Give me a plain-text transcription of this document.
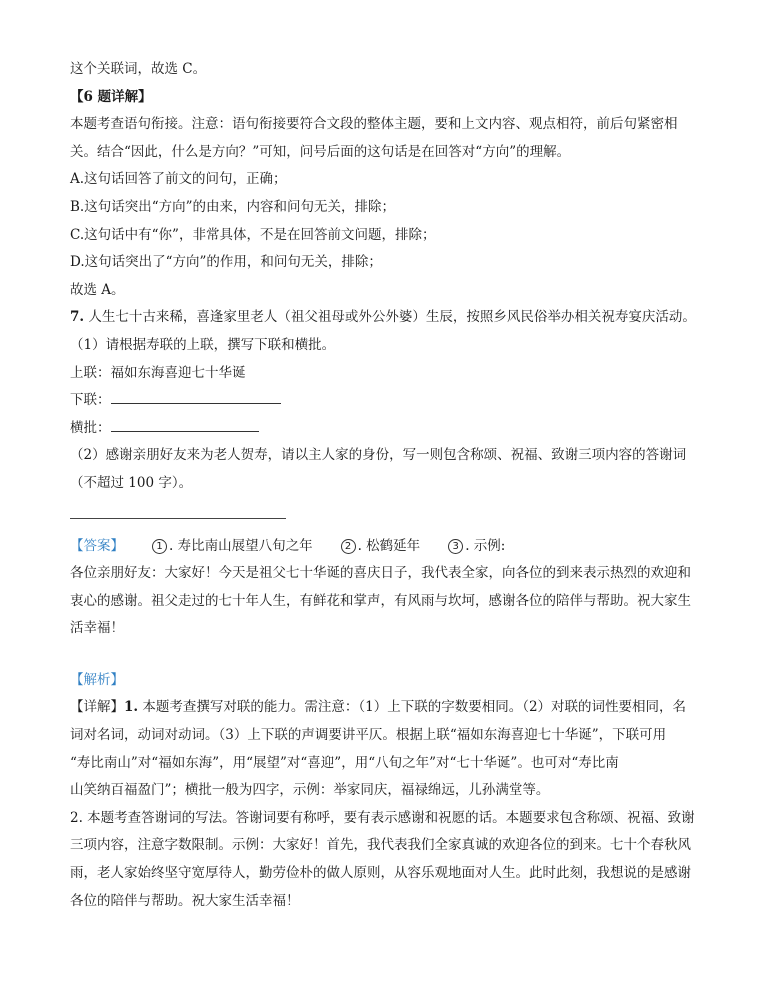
这个关联词，故选 C。

【6 题详解】

本题考查语句衔接。注意：语句衔接要符合文段的整体主题，要和上文内容、观点相符，前后句紧密相

关。结合“因此，什么是方向？”可知，问号后面的这句话是在回答对“方向”的理解。

A.这句话回答了前文的问句，正确；

B.这句话突出“方向”的由来，内容和问句无关，排除；

C.这句话中有“你”，非常具体，不是在回答前文问题，排除；

D.这句话突出了“方向”的作用，和问句无关，排除；

故选 A。

7. 人生七十古来稀，喜逢家里老人（祖父祖母或外公外婆）生辰，按照乡风民俗举办相关祝寿宴庆活动。

（1）请根据寿联的上联，撰写下联和横批。

上联：福如东海喜迎七十华诞

下联：

横批：

（2）感谢亲朋好友来为老人贺寿，请以主人家的身份，写一则包含称颂、祝福、致谢三项内容的答谢词

（不超过 100 字）。

【答案】	1 . 寿比南山展望八旬之年	2 . 松鹤延年	3 . 示例:

各位亲朋好友：大家好！今天是祖父七十华诞的喜庆日子，我代表全家，向各位的到来表示热烈的欢迎和

衷心的感谢。祖父走过的七十年人生，有鲜花和掌声，有风雨与坎坷，感谢各位的陪伴与帮助。祝大家生

活幸福！

【解析】

【详解】1. 本题考查撰写对联的能力。需注意：（1）上下联的字数要相同。（2）对联的词性要相同，名

词对名词，动词对动词。（3）上下联的声调要讲平仄。根据上联“福如东海喜迎七十华诞”，下联可用

“寿比南山”对“福如东海”，用“展望”对“喜迎”，用“八旬之年”对“七十华诞”。也可对“寿比南

山笑纳百福盈门”；横批一般为四字，示例：举家同庆，福禄绵远，儿孙满堂等。

2. 本题考查答谢词的写法。答谢词要有称呼，要有表示感谢和祝愿的话。本题要求包含称颂、祝福、致谢

三项内容，注意字数限制。示例：大家好！首先，我代表我们全家真诚的欢迎各位的到来。七十个春秋风

雨，老人家始终坚守宽厚待人，勤劳俭朴的做人原则，从容乐观地面对人生。此时此刻，我想说的是感谢

各位的陪伴与帮助。祝大家生活幸福！
